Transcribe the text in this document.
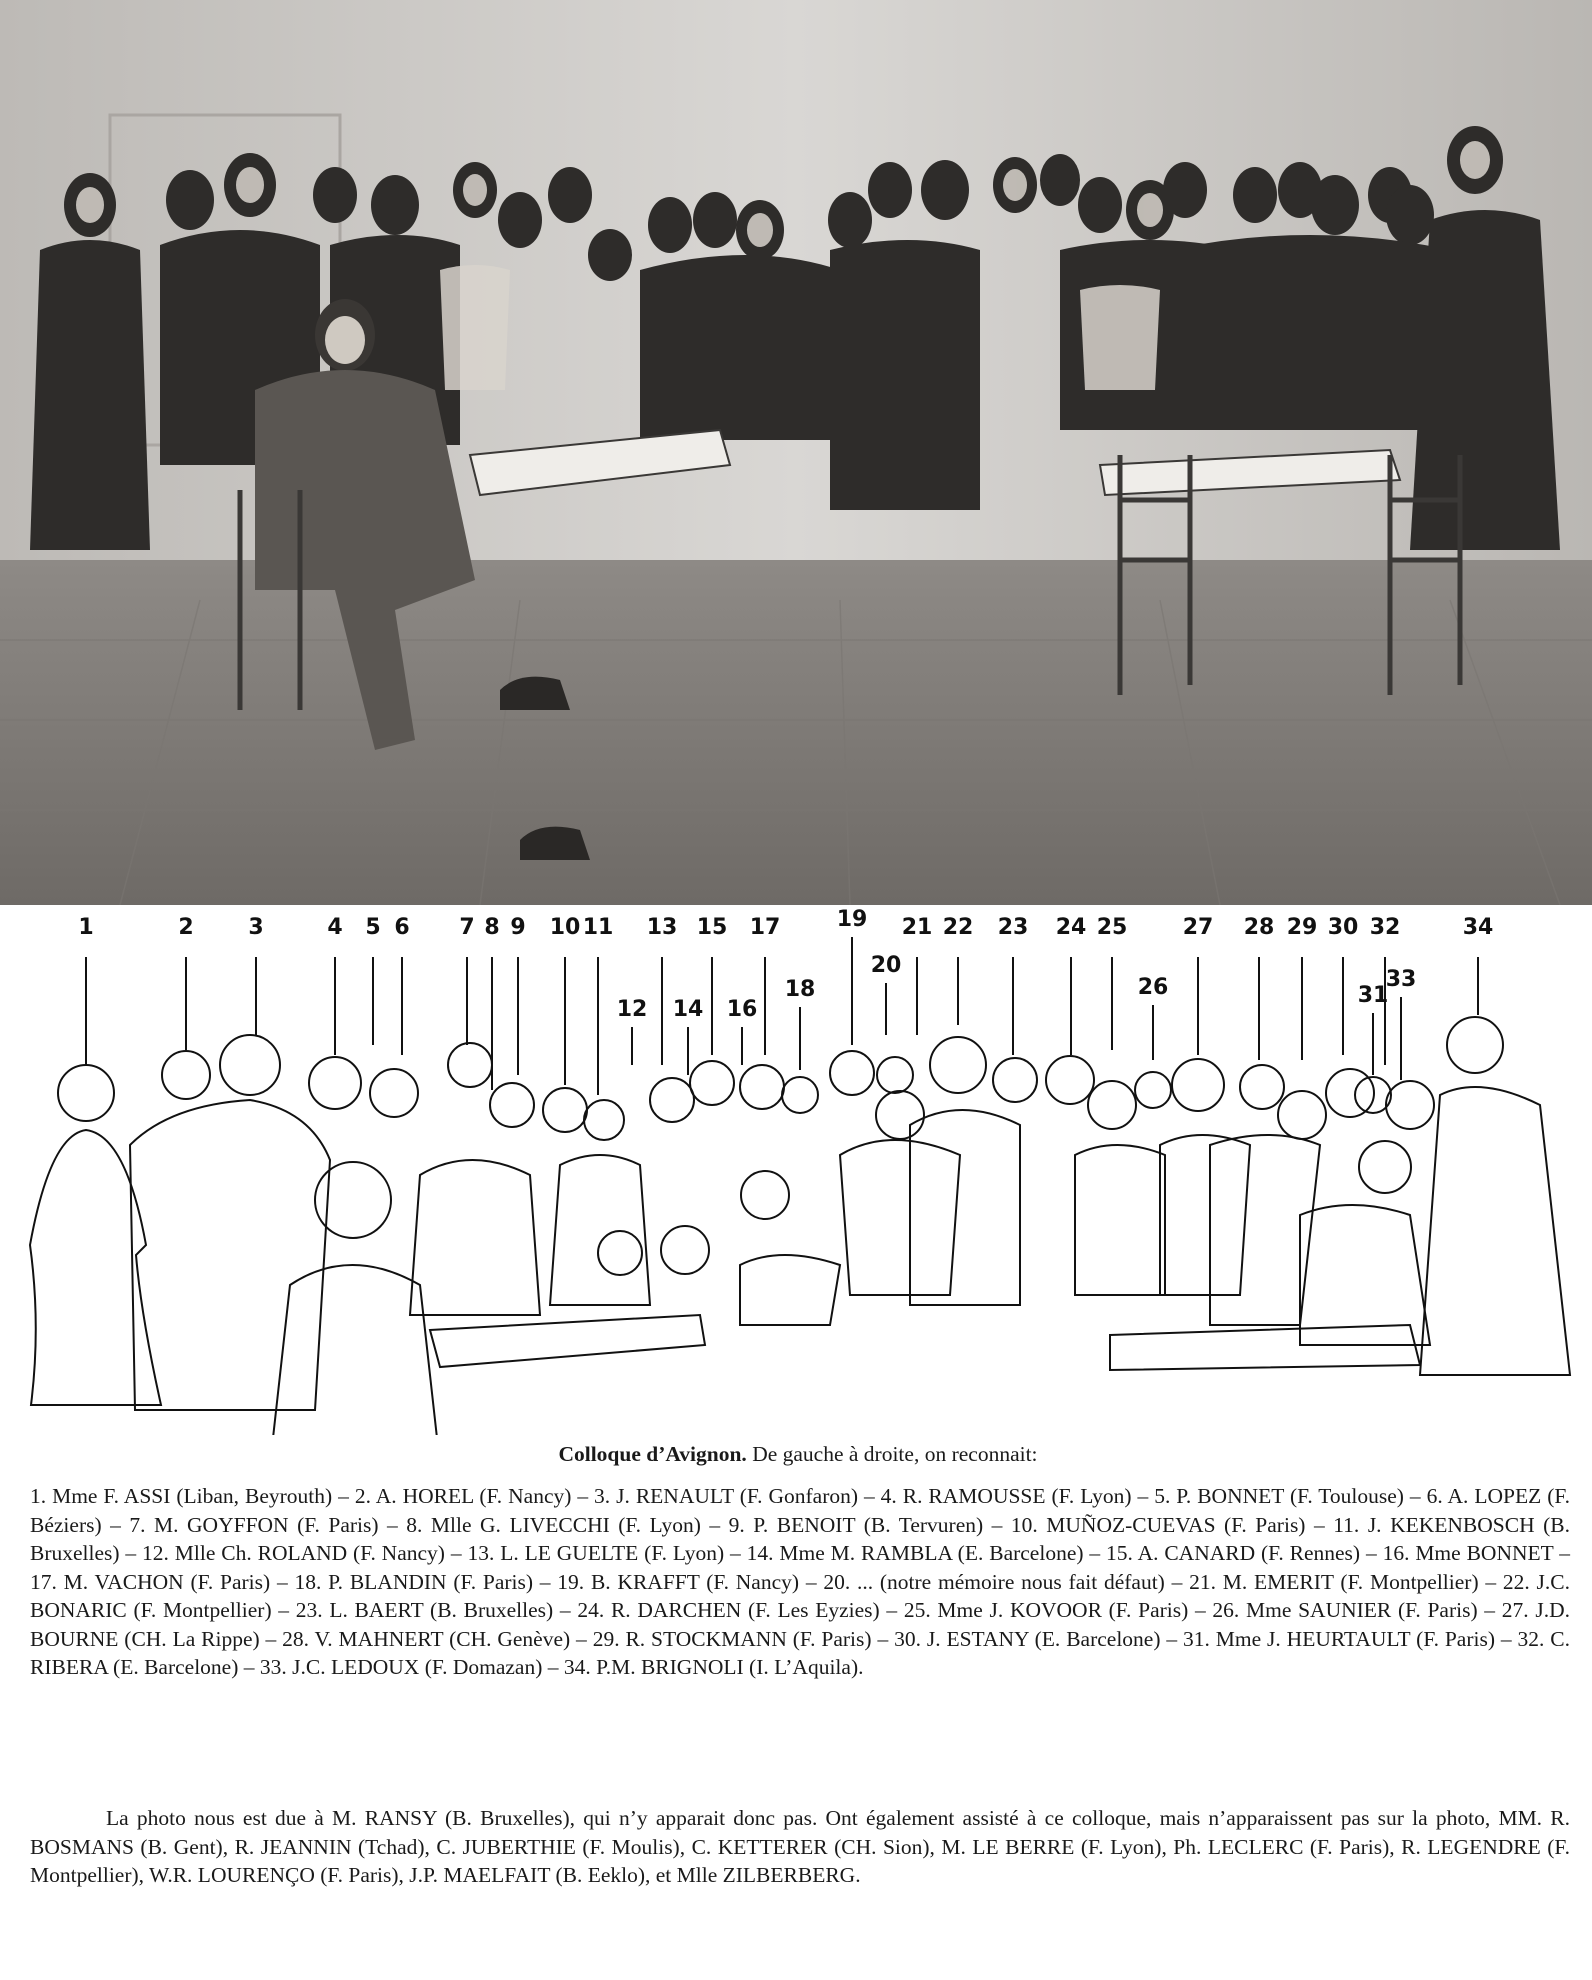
1	2	3	4	5 6	7 8 9	10 11
12
13
14
15
16
17
18
19
20
21 22 23 24 25
26
27 28 29 30
31
32
33
34
Colloque d’Avignon. De gauche à droite, on reconnait:
1. Mme F. ASSI (Liban, Beyrouth) – 2. A. HOREL (F. Nancy) – 3. J. RENAULT (F. Gonfaron) – 4. R. RAMOUSSE (F. Lyon) – 5. P. BONNET (F. Toulouse) – 6. A. LOPEZ (F. Béziers) – 7. M. GOYFFON (F. Paris) – 8. Mlle G. LIVECCHI (F. Lyon) – 9. P. BENOIT (B. Tervuren) – 10. MUÑOZ-CUEVAS (F. Paris) – 11. J. KEKENBOSCH (B. Bruxelles) – 12. Mlle Ch. ROLAND (F. Nancy) – 13. L. LE GUELTE (F. Lyon) – 14. Mme M. RAMBLA (E. Barcelone) – 15. A. CANARD (F. Rennes) – 16. Mme BONNET – 17. M. VACHON (F. Paris) – 18. P. BLANDIN (F. Paris) – 19. B. KRAFFT (F. Nancy) – 20. ... (notre mémoire nous fait défaut) – 21. M. EMERIT (F. Montpellier) – 22. J.C. BONARIC (F. Montpellier) – 23. L. BAERT (B. Bruxelles) – 24. R. DARCHEN (F. Les Eyzies) – 25. Mme J. KOVOOR (F. Paris) – 26. Mme SAUNIER (F. Paris) – 27. J.D. BOURNE (CH. La Rippe) – 28. V. MAHNERT (CH. Genève) – 29. R. STOCKMANN (F. Paris) – 30. J. ESTANY (E. Barcelone) – 31. Mme J. HEURTAULT (F. Paris) – 32. C. RIBERA (E. Barcelone) – 33. J.C. LEDOUX (F. Domazan) – 34. P.M. BRIGNOLI (I. L’Aquila).
La photo nous est due à M. RANSY (B. Bruxelles), qui n’y apparait donc pas. Ont également assisté à ce colloque, mais n’apparaissent pas sur la photo, MM. R. BOSMANS (B. Gent), R. JEANNIN (Tchad), C. JUBERTHIE (F. Moulis), C. KETTERER (CH. Sion), M. LE BERRE (F. Lyon), Ph. LECLERC (F. Paris), R. LEGENDRE (F. Montpellier), W.R. LOURENÇO (F. Paris), J.P. MAELFAIT (B. Eeklo), et Mlle ZILBERBERG.
